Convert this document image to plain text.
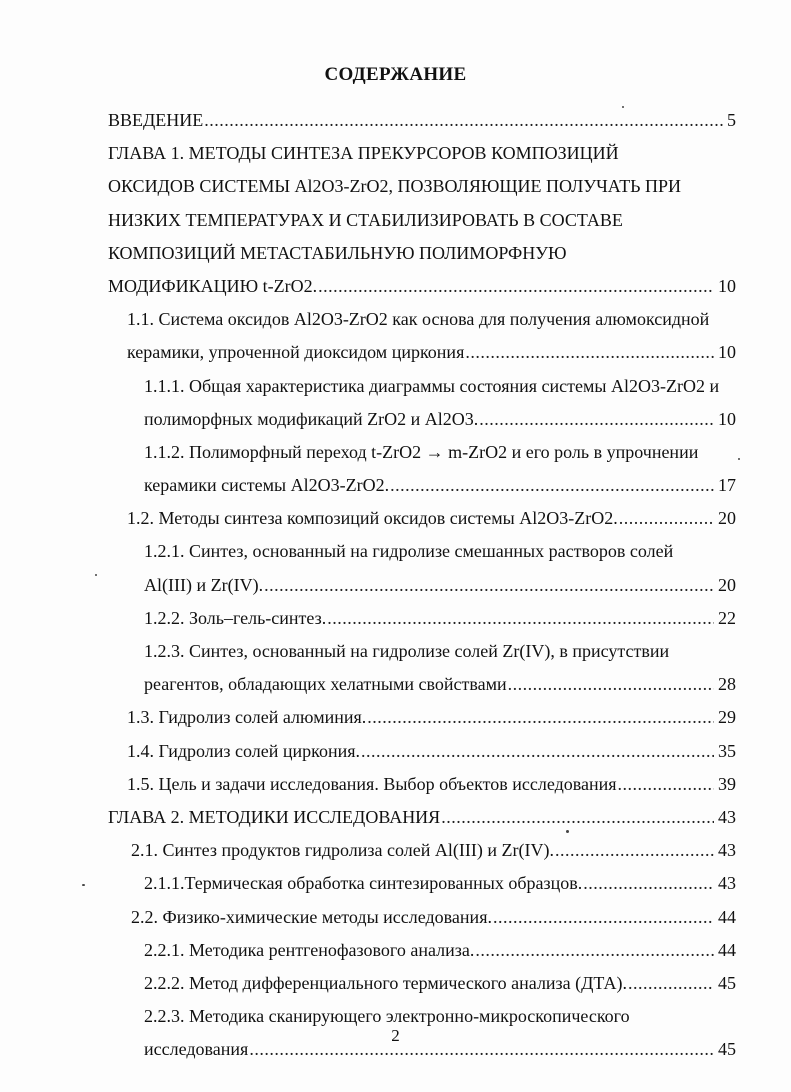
СОДЕРЖАНИЕ
ВВЕДЕНИЕ .....	5
ГЛАВА 1. МЕТОДЫ СИНТЕЗА ПРЕКУРСОРОВ КОМПОЗИЦИЙ
ОКСИДОВ СИСТЕМЫ Al2O3-ZrO2, ПОЗВОЛЯЮЩИЕ ПОЛУЧАТЬ ПРИ
НИЗКИХ ТЕМПЕРАТУРАХ И СТАБИЛИЗИРОВАТЬ В СОСТАВЕ
КОМПОЗИЦИЙ МЕТАСТАБИЛЬНУЮ ПОЛИМОРФНУЮ
МОДИФИКАЦИЮ t-ZrO2. .....	10
1.1. Система оксидов Al2O3-ZrO2 как основа для получения алюмоксидной
керамики, упроченной диоксидом циркония .....	10
1.1.1. Общая характеристика диаграммы состояния системы Al2O3-ZrO2 и
полиморфных модификаций ZrO2 и Al2O3. .....	10
1.1.2. Полиморфный переход t-ZrO2 → m-ZrO2 и его роль в упрочнении
керамики системы Al2O3-ZrO2. .....	17
1.2. Методы синтеза композиций оксидов системы Al2O3-ZrO2. .....	20
1.2.1. Синтез, основанный на гидролизе смешанных растворов солей
Al(III) и Zr(IV). .....	20
1.2.2. Золь–гель-синтез. .....	22
1.2.3. Синтез, основанный на гидролизе солей Zr(IV), в присутствии
реагентов, обладающих хелатными свойствами .....	28
1.3. Гидролиз солей алюминия. .....	29
1.4. Гидролиз солей циркония. .....	35
1.5. Цель и задачи исследования. Выбор объектов исследования .....	39
ГЛАВА 2. МЕТОДИКИ ИССЛЕДОВАНИЯ .....	43
2.1. Синтез продуктов гидролиза солей Al(III) и Zr(IV). .....	43
2.1.1.Термическая обработка синтезированных образцов. .....	43
2.2. Физико-химические методы исследования. .....	44
2.2.1. Методика рентгенофазового анализа. .....	44
2.2.2. Метод дифференциального термического анализа (ДТА). .....	45
2.2.3. Методика сканирующего электронно-микроскопического
исследования .....	45
2
